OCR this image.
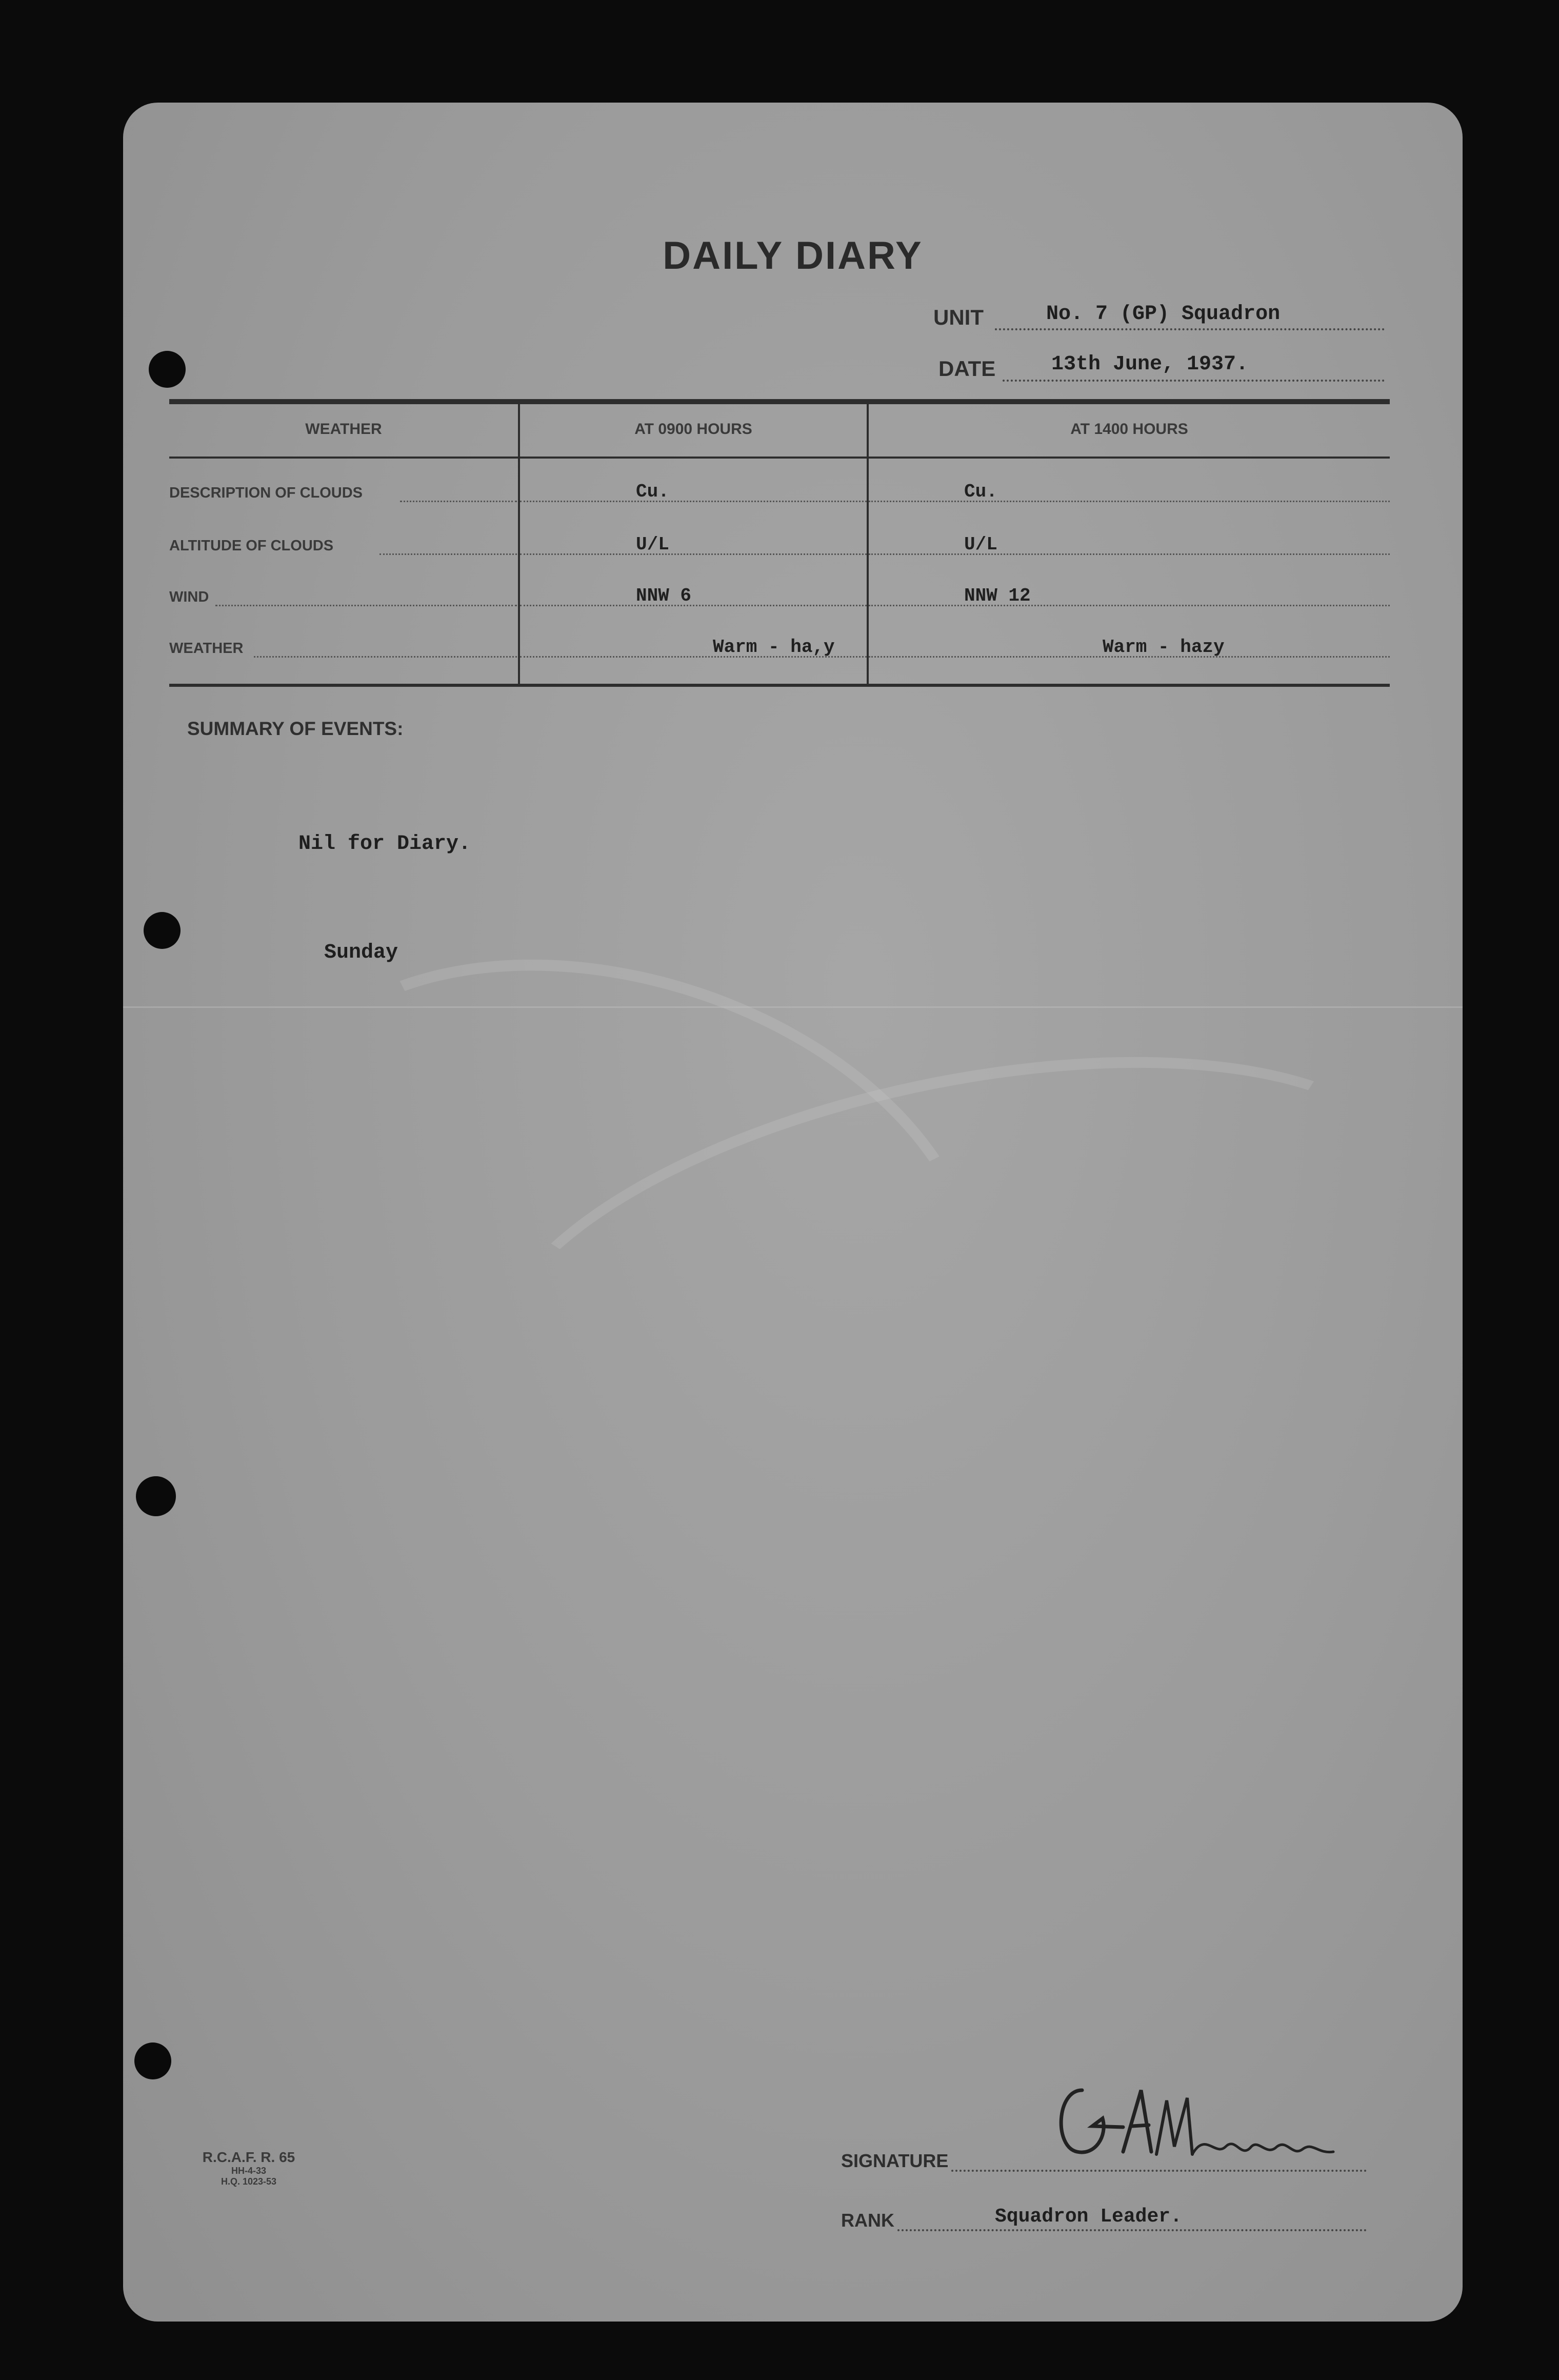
DAILY DIARY
UNIT	No. 7 (GP) Squadron
DATE	13th June, 1937.
WEATHER	AT 0900 HOURS	AT 1400 HOURS
DESCRIPTION OF CLOUDS	Cu.	Cu.
ALTITUDE OF CLOUDS	U/L	U/L
WIND	NNW 6	NNW 12
WEATHER	Warm - ha,y	Warm - hazy
SUMMARY OF EVENTS:
Nil for Diary.
Sunday
R.C.A.F. R. 65
HH-4-33
H.Q. 1023-53
SIGNATURE
RANK	Squadron Leader.
